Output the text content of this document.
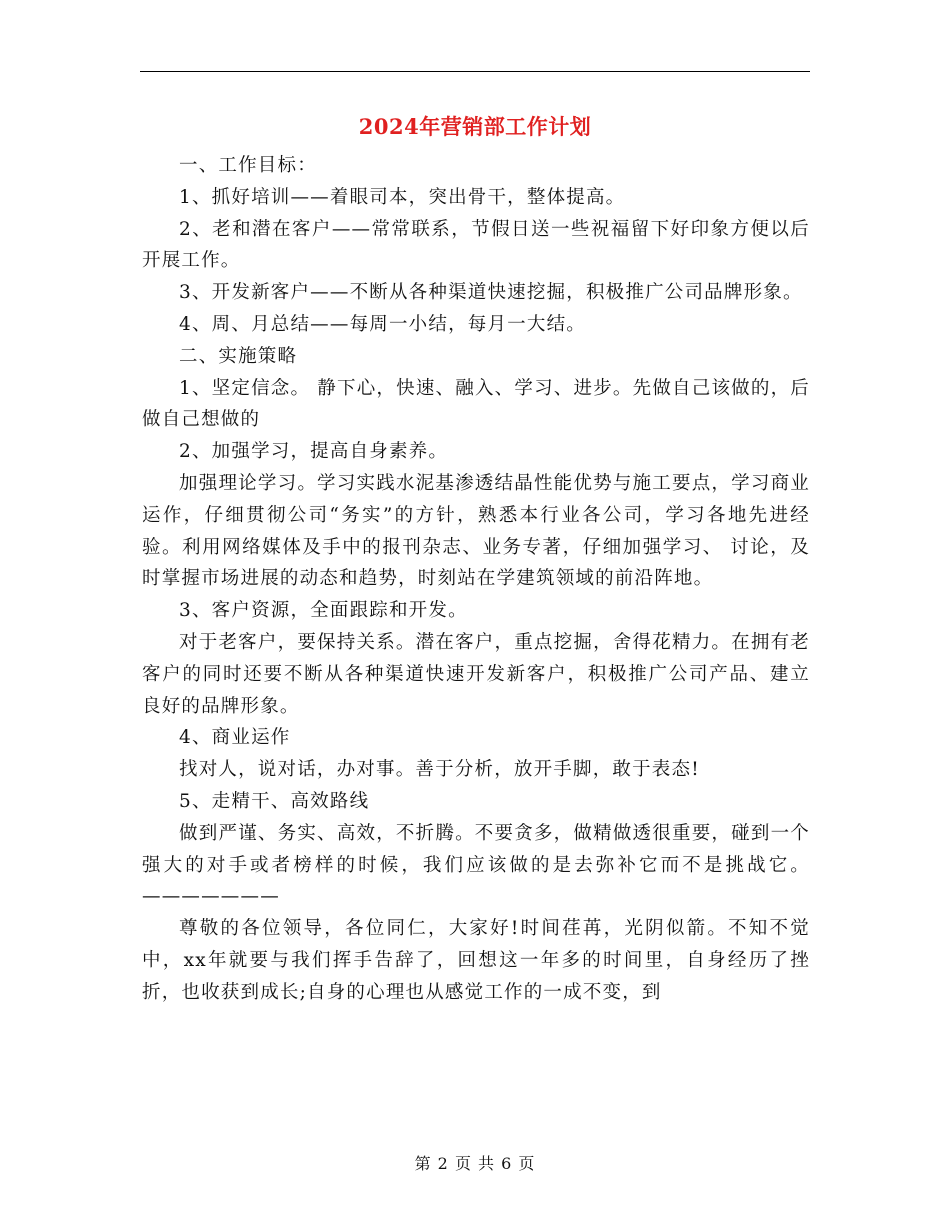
2024年营销部工作计划

一、工作目标：

1、抓好培训——着眼司本，突出骨干，整体提高。

2、老和潜在客户——常常联系，节假日送一些祝福留下好印象方便以后开展工作。

3、开发新客户——不断从各种渠道快速挖掘，积极推广公司品牌形象。

4、周、月总结——每周一小结，每月一大结。

二、实施策略

1、坚定信念。 静下心，快速、融入、学习、进步。先做自己该做的，后做自己想做的

2、加强学习，提高自身素养。

加强理论学习。学习实践水泥基渗透结晶性能优势与施工要点，学习商业运作，仔细贯彻公司“务实”的方针，熟悉本行业各公司，学习各地先进经验。利用网络媒体及手中的报刊杂志、业务专著，仔细加强学习、 讨论，及时掌握市场进展的动态和趋势，时刻站在学建筑领域的前沿阵地。

3、客户资源，全面跟踪和开发。

对于老客户，要保持关系。潜在客户，重点挖掘，舍得花精力。在拥有老客户的同时还要不断从各种渠道快速开发新客户，积极推广公司产品、建立良好的品牌形象。

4、商业运作

找对人，说对话，办对事。善于分析，放开手脚，敢于表态!

5、走精干、高效路线

做到严谨、务实、高效，不折腾。不要贪多，做精做透很重要，碰到一个强大的对手或者榜样的时候，我们应该做的是去弥补它而不是挑战它。———————

尊敬的各位领导，各位同仁，大家好!时间荏苒，光阴似箭。不知不觉中，xx年就要与我们挥手告辞了，回想这一年多的时间里，自身经历了挫折，也收获到成长;自身的心理也从感觉工作的一成不变，到

第 2 页 共 6 页
